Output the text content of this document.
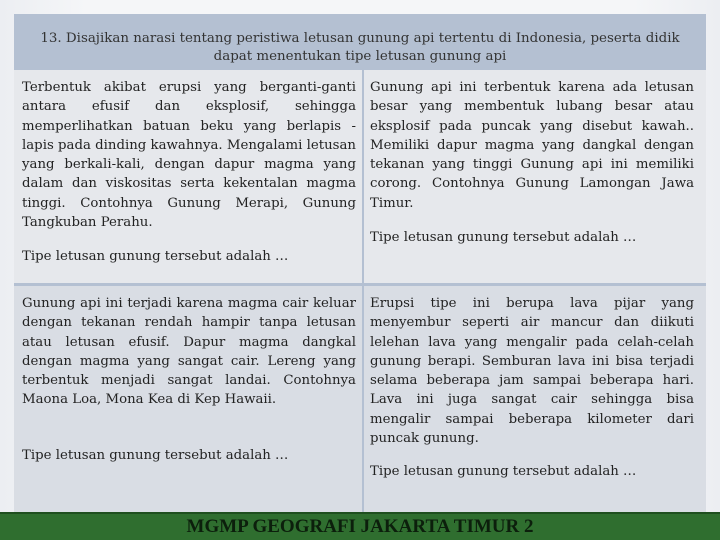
13. Disajikan narasi tentang peristiwa letusan gunung api tertentu di Indonesia, peserta didik
dapat menentukan tipe letusan gunung api

Terbentuk akibat erupsi yang berganti-ganti antara efusif dan eksplosif, sehingga memperlihatkan batuan beku yang berlapis -lapis pada dinding kawahnya. Mengalami letusan yang berkali-kali, dengan dapur magma yang dalam dan viskositas serta kekentalan magma tinggi. Contohnya Gunung Merapi, Gunung Tangkuban Perahu.

Tipe letusan gunung tersebut adalah …

Gunung api ini terbentuk karena ada letusan besar yang membentuk lubang besar atau eksplosif pada puncak yang disebut kawah.. Memiliki dapur magma yang dangkal dengan tekanan yang tinggi Gunung api ini memiliki corong. Contohnya Gunung Lamongan Jawa Timur.

Tipe letusan gunung tersebut adalah …

Gunung api ini terjadi karena magma cair keluar dengan tekanan rendah hampir tanpa letusan atau letusan efusif. Dapur magma dangkal dengan magma yang sangat cair. Lereng yang terbentuk menjadi sangat landai. Contohnya Maona Loa, Mona Kea di Kep Hawaii.

Tipe letusan gunung tersebut adalah …

Erupsi tipe ini berupa lava pijar yang menyembur seperti air mancur dan diikuti lelehan lava yang mengalir pada celah-celah gunung berapi. Semburan lava ini bisa terjadi selama beberapa jam sampai beberapa hari. Lava ini juga sangat cair sehingga bisa mengalir sampai beberapa kilometer dari puncak gunung.

Tipe letusan gunung tersebut adalah …

MGMP GEOGRAFI JAKARTA TIMUR 2
